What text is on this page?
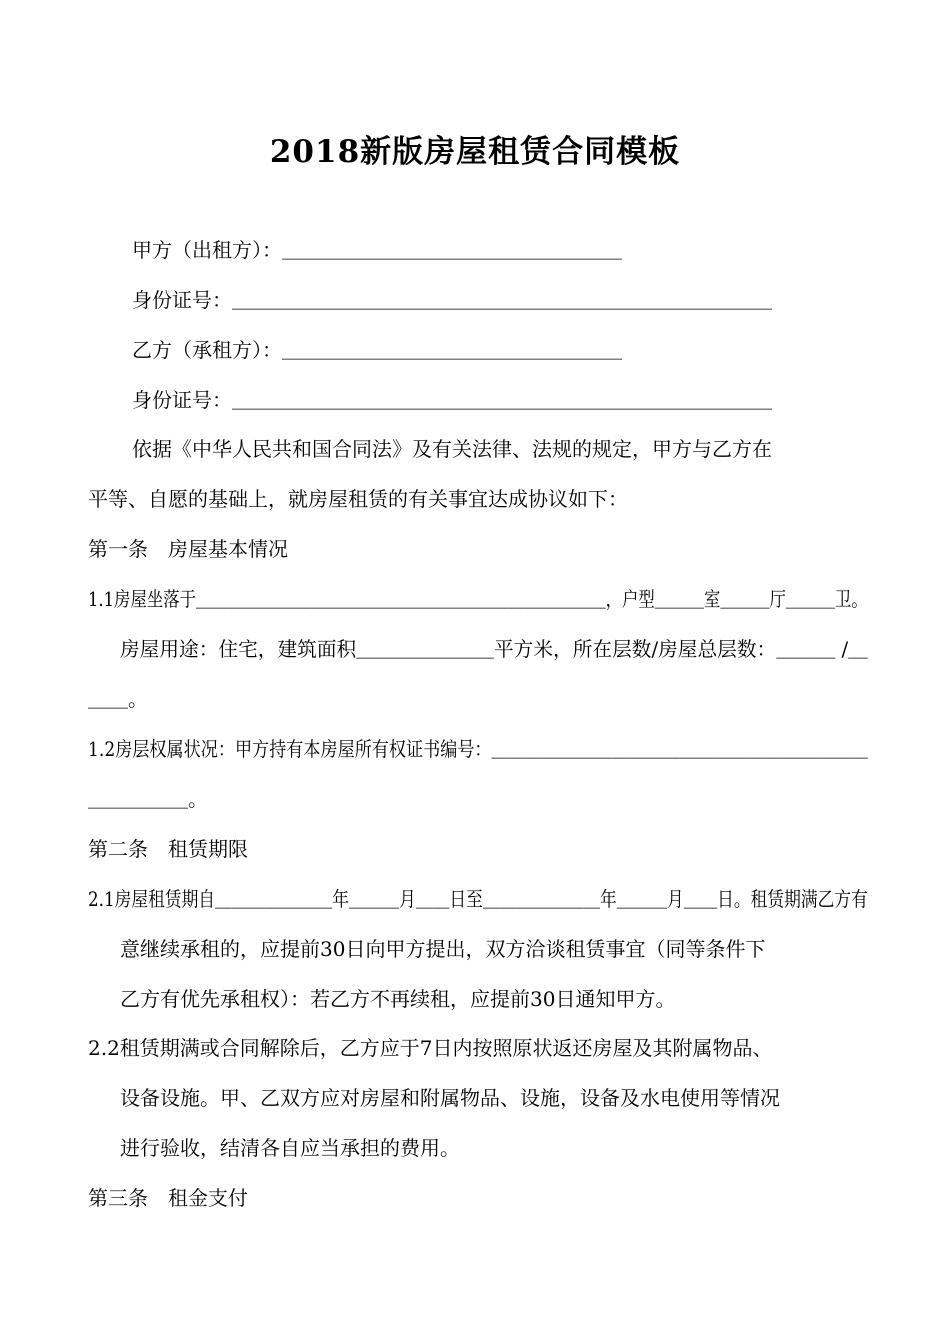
2018新版房屋租赁合同模板
甲方（出租方）：＿＿＿＿＿＿＿＿＿＿＿＿＿＿＿＿＿
身份证号：＿＿＿＿＿＿＿＿＿＿＿＿＿＿＿＿＿＿＿＿＿＿＿＿＿＿＿
乙方（承租方）：＿＿＿＿＿＿＿＿＿＿＿＿＿＿＿＿＿
身份证号：＿＿＿＿＿＿＿＿＿＿＿＿＿＿＿＿＿＿＿＿＿＿＿＿＿＿＿
依据《中华人民共和国合同法》及有关法律、法规的规定，甲方与乙方在
平等、自愿的基础上，就房屋租赁的有关事宜达成协议如下：
第一条　房屋基本情况
1.1房屋坐落于＿＿＿＿＿＿＿＿＿＿＿＿＿＿＿＿＿＿＿＿＿＿＿＿＿，户型＿＿＿室＿＿＿厅＿＿＿卫。
房屋用途：住宅，建筑面积＿＿＿＿＿＿＿平方米，所在层数/房屋总层数：＿＿＿ /＿
＿＿。
1.2房层权属状况：甲方持有本房屋所有权证书编号：＿＿＿＿＿＿＿＿＿＿＿＿＿＿＿＿＿＿＿＿＿＿
＿＿＿＿＿。
第二条　租赁期限
2.1房屋租赁期自＿＿＿＿＿＿＿年＿＿＿月＿＿日至＿＿＿＿＿＿＿年＿＿＿月＿＿日。租赁期满乙方有
意继续承租的，应提前30日向甲方提出，双方洽谈租赁事宜（同等条件下
乙方有优先承租权）：若乙方不再续租，应提前30日通知甲方。
2.2租赁期满或合同解除后，乙方应于7日内按照原状返还房屋及其附属物品、
设备设施。甲、乙双方应对房屋和附属物品、设施，设备及水电使用等情况
进行验收，结清各自应当承担的费用。
第三条　租金支付
